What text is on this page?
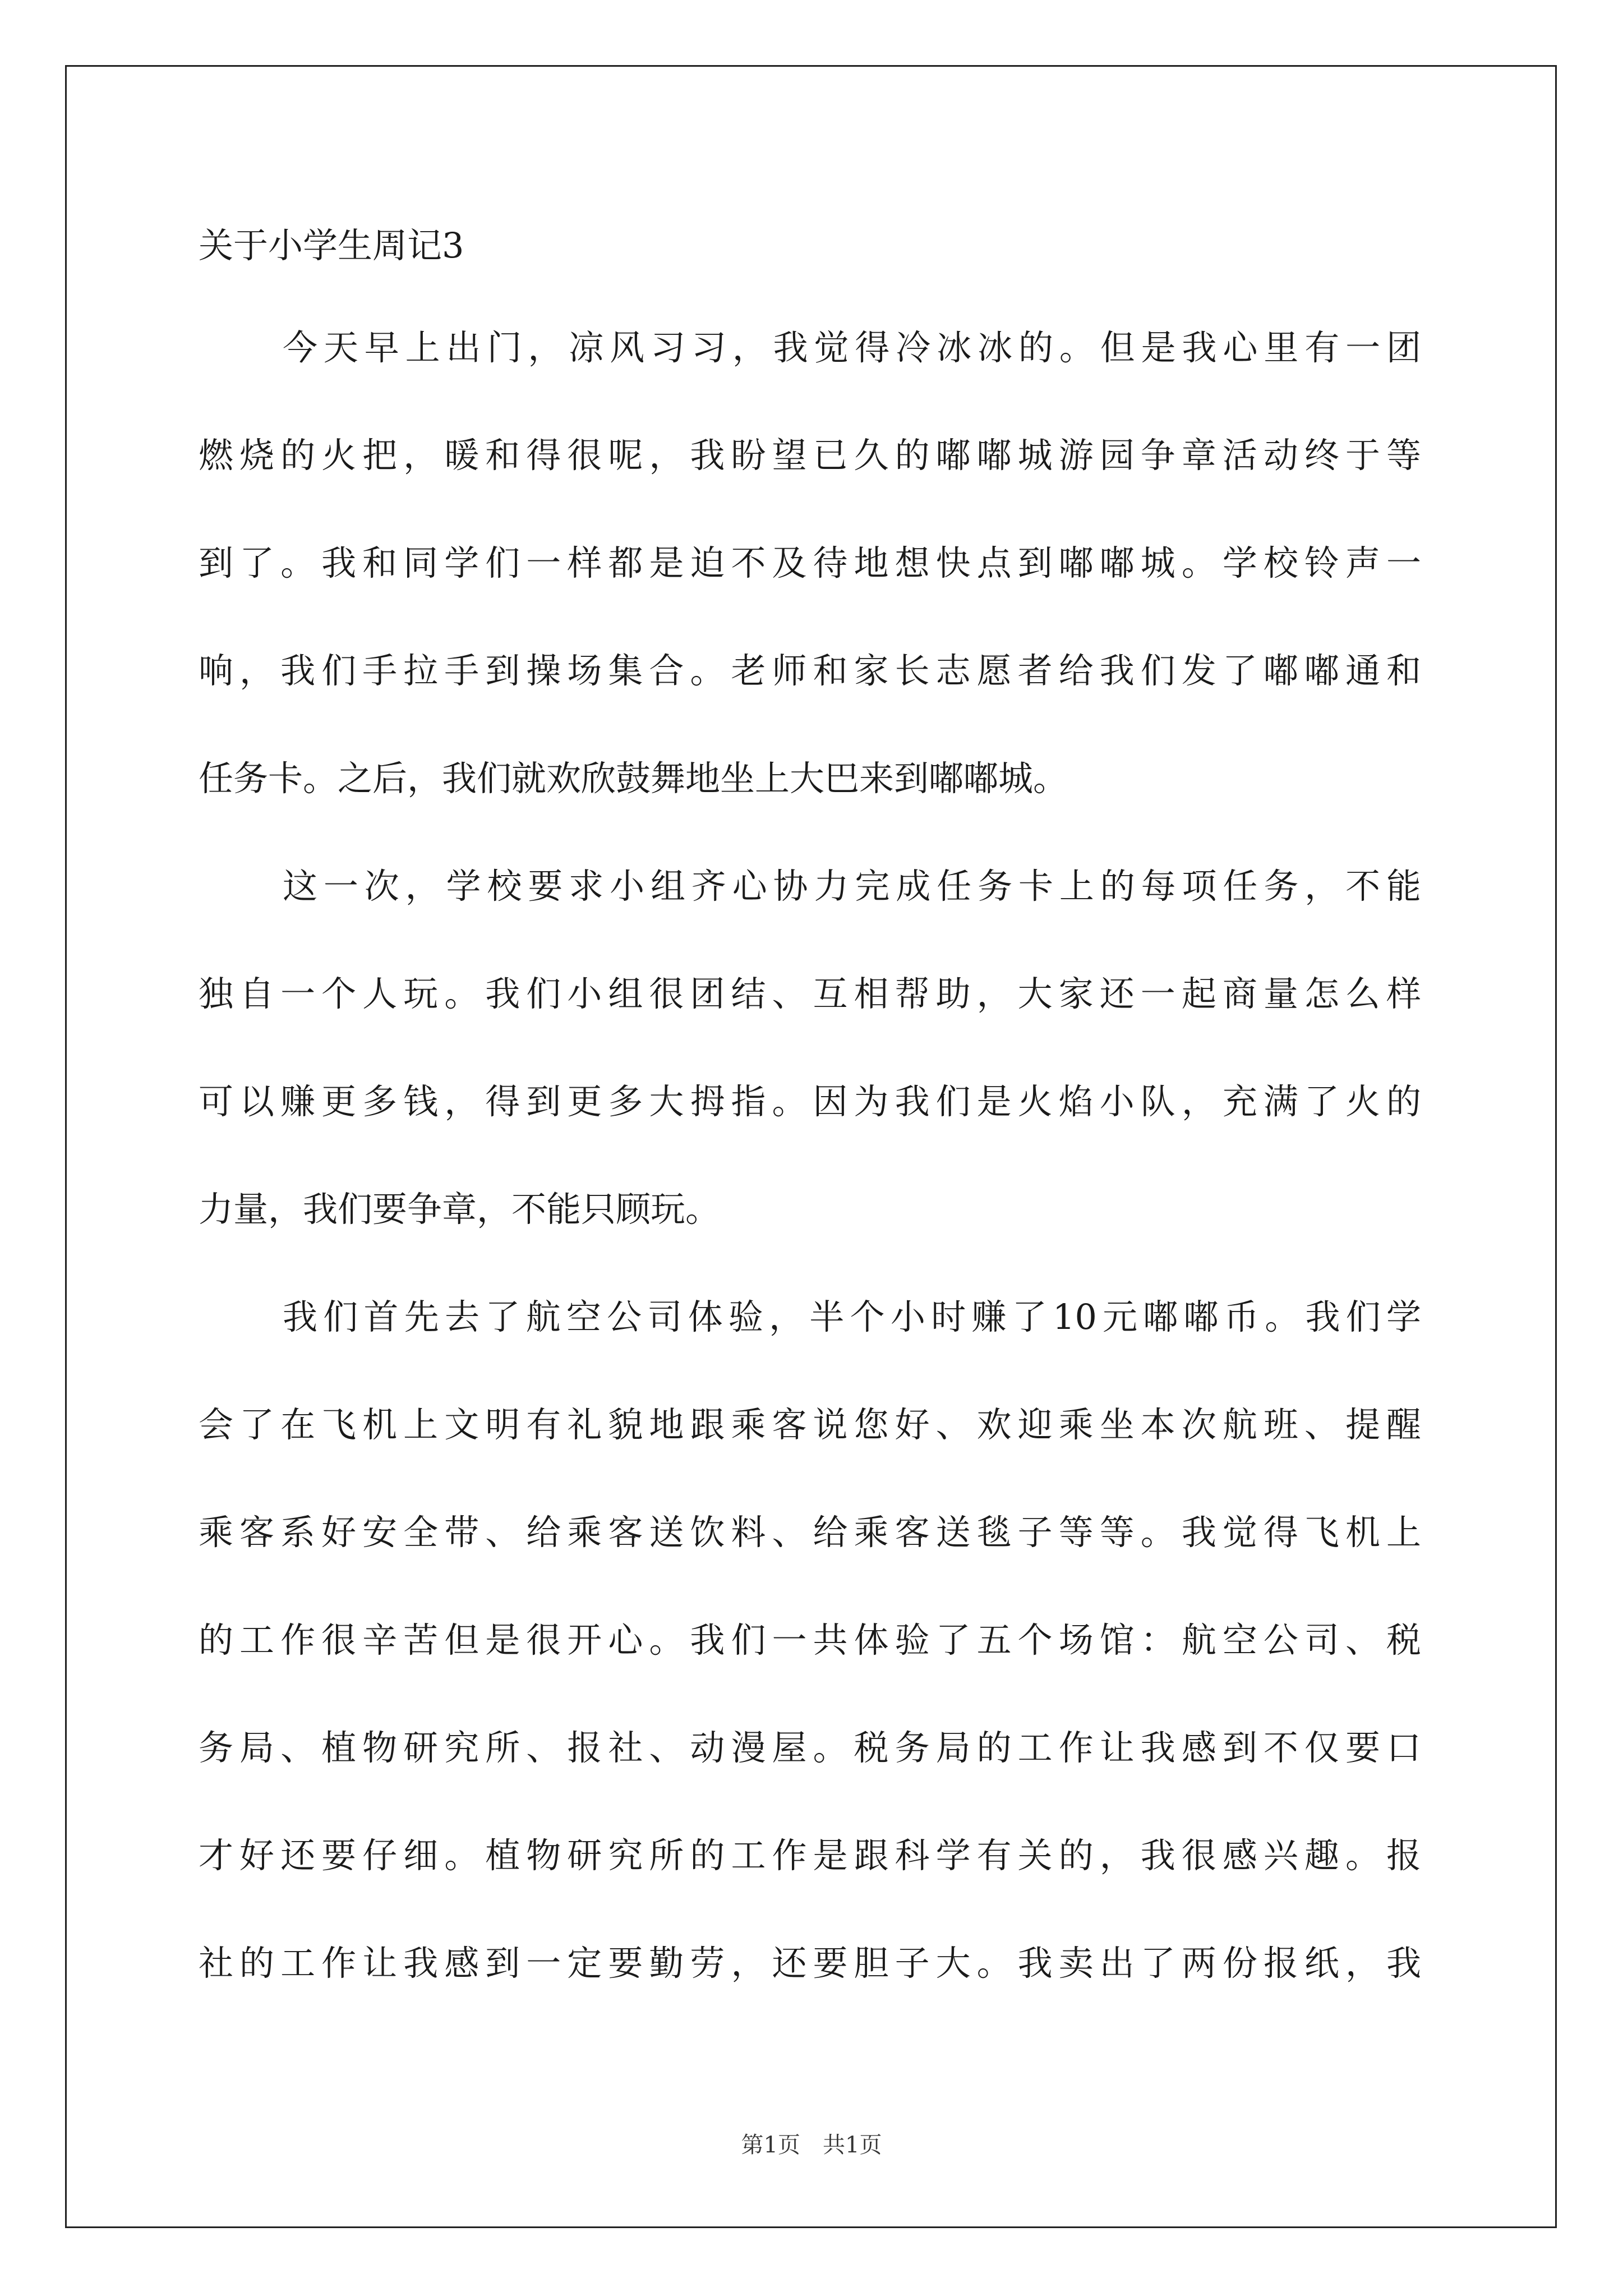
关于小学生周记3
今天早上出门，凉风习习，我觉得冷冰冰的。但是我心里有一团
燃烧的火把，暖和得很呢，我盼望已久的嘟嘟城游园争章活动终于等
到了。我和同学们一样都是迫不及待地想快点到嘟嘟城。学校铃声一
响，我们手拉手到操场集合。老师和家长志愿者给我们发了嘟嘟通和
任务卡。之后，我们就欢欣鼓舞地坐上大巴来到嘟嘟城。
这一次，学校要求小组齐心协力完成任务卡上的每项任务，不能
独自一个人玩。我们小组很团结、互相帮助，大家还一起商量怎么样
可以赚更多钱，得到更多大拇指。因为我们是火焰小队，充满了火的
力量，我们要争章，不能只顾玩。
我们首先去了航空公司体验，半个小时赚了10元嘟嘟币。我们学
会了在飞机上文明有礼貌地跟乘客说您好、欢迎乘坐本次航班、提醒
乘客系好安全带、给乘客送饮料、给乘客送毯子等等。我觉得飞机上
的工作很辛苦但是很开心。我们一共体验了五个场馆：航空公司、税
务局、植物研究所、报社、动漫屋。税务局的工作让我感到不仅要口
才好还要仔细。植物研究所的工作是跟科学有关的，我很感兴趣。报
社的工作让我感到一定要勤劳，还要胆子大。我卖出了两份报纸，我
第1页　共1页
